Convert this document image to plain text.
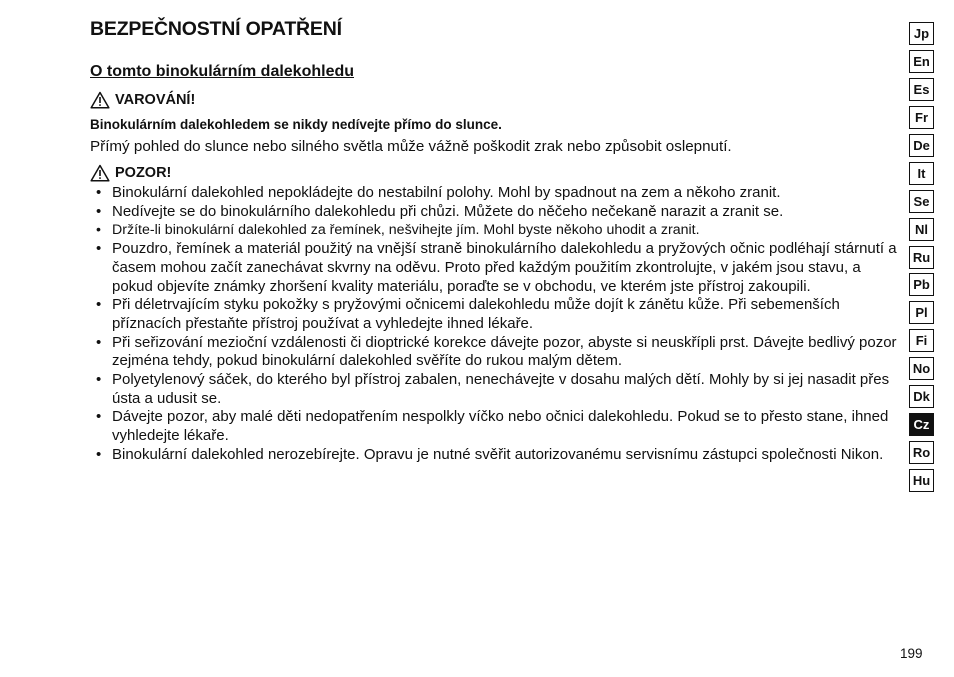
BEZPEČNOSTNÍ OPATŘENÍ
O tomto binokulárním dalekohledu
VAROVÁNÍ!
Binokulárním dalekohledem se nikdy nedívejte přímo do slunce.
Přímý pohled do slunce nebo silného světla může vážně poškodit zrak nebo způsobit oslepnutí.
POZOR!
• Binokulární dalekohled nepokládejte do nestabilní polohy. Mohl by spadnout na zem a někoho zranit.
• Nedívejte se do binokulárního dalekohledu při chůzi. Můžete do něčeho nečekaně narazit a zranit se.
• Držíte-li binokulární dalekohled za řemínek, nešvihejte jím. Mohl byste někoho uhodit a zranit.
• Pouzdro, řemínek a materiál použitý na vnější straně binokulárního dalekohledu a pryžových očnic podléhají stárnutí a časem mohou začít zanechávat skvrny na oděvu. Proto před každým použitím zkontrolujte, v jakém jsou stavu, a pokud objevíte známky zhoršení kvality materiálu, poraďte se v obchodu, ve kterém jste přístroj zakoupili.
• Při déletrvajícím styku pokožky s pryžovými očnicemi dalekohledu může dojít k zánětu kůže. Při sebemenších příznacích přestaňte přístroj používat a vyhledejte ihned lékaře.
• Při seřizování mezioční vzdálenosti či dioptrické korekce dávejte pozor, abyste si neuskřípli prst. Dávejte bedlivý pozor zejména tehdy, pokud binokulární dalekohled svěříte do rukou malým dětem.
• Polyetylenový sáček, do kterého byl přístroj zabalen, nenechávejte v dosahu malých dětí. Mohly by si jej nasadit přes ústa a udusit se.
• Dávejte pozor, aby malé děti nedopatřením nespolkly víčko nebo očnici dalekohledu. Pokud se to přesto stane, ihned vyhledejte lékaře.
• Binokulární dalekohled nerozebírejte. Opravu je nutné svěřit autorizovanému servisnímu zástupci společnosti Nikon.
Jp
En
Es
Fr
De
It
Se
Nl
Ru
Pb
Pl
Fi
No
Dk
Cz
Ro
Hu
199
